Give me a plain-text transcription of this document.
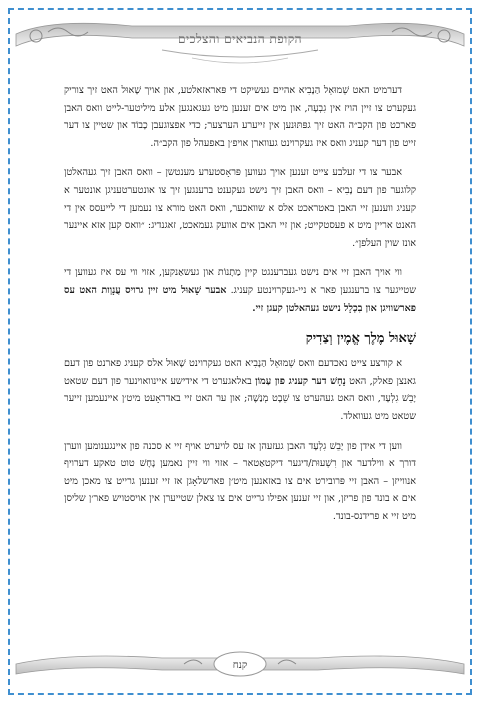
הקופת הנביאים והצלכים

דערמיט האט שְׁמוּאֵל הַנָבִיא אהיים געשיקט די פּאראזאלטע, און אויך שָׁאוּל האט זיך צוריק געקערט צו זיין הויז אין גִבְעָה, און מיט אים זענען מיט געגאנגען אלע מיליטער-לייט וואס האבן פארכט פון הקב״ה האט זיך גפּתּוּנען אין זייערע הערצער; כדי אפצוגעבן כָבוֹד און שטיין צו דער זייט פון דער קעניג וואס איז געקרוינט געווארן אויפ׳ן באפעהל פון הקב״ה.

אבער צו די זעלבע צייט זענען אויך געווען פּראָסטערע מענטשן – וואס האבן זיך געהאלטן קלוגער פון דעם נָבִיא – וואס האבן זיך נישט געקענט ברענגען זיך צו אונטערטעניגן אונטער א קעניג ווענען זיי האבן באטראכט אלס א שוואכער, וואס האט מורא צו נעמען די לייעסס אין די האנט אריין מיט א פעסטקייט; און זיי האבן אים אוועק געמאכט, זאגנדיג: ״וואס קען אזא איינער אונז שוין העלפן״.

ווי אויך האבן זיי אים נישט געברענגט קיין מַתָנוֹת און געשאַנקען, אזוי ווי עס איז געווען די שטייגער צו ברענגען פאר א ניי-געקרוינטע קעניג. אבער שָׁאוּל מיט זיין גרויס עֲנָוְות האט עס פארשוויגן און בִכְלָל נישט געהאלטן קעגן זיי.

שָׁאוּל מֶלֶך אֱמֶין וְצַדִיק

א קורצע צייט נאכדעם וואס שְׁמוּאֵל הַנָבִיא האט געקרוינט שָׁאוּל אלס קעניג פארנט פון דעם גאנצן פאלק, האט נָחָשׁ דער קעניג פון עַמוֹן באלאגערט די אידישע איינוואוינער פון דעם שטאט יָבֵשׁ גִלְעָד, וואס האט געהערט צו שֵׁבֶט מְנַשֶׁה; און ער האט זיי באדראָעט מיט׳ן איינעמען זייער שטאט מיט געוואלד.

ווען די אידן פון יָבֵשׁ גִלְעָד האבן געזעהן אז עס לויערט אויף זיי א סכנה פון איינגענומען ווערן דורך א ווילדער און רִשְׁעוּת/דיגער דיקטאַטאר – אזוי ווי זיין נאמען נָחָשׁ טוט טאקע דערויף אנווייזן – האבן זיי פּרובירט אים צו באזאנען מיט׳ן פארשלאָגן אז זיי זענען גרייט צו מאכן מיט אים א בונד פון פריזן, און זיי זענען אפילו גרייט אים צו צאלן שטייערן אין אויסטויש פאר׳ן שליסן מיט זיי א פרידנס-בונד.

קנח
